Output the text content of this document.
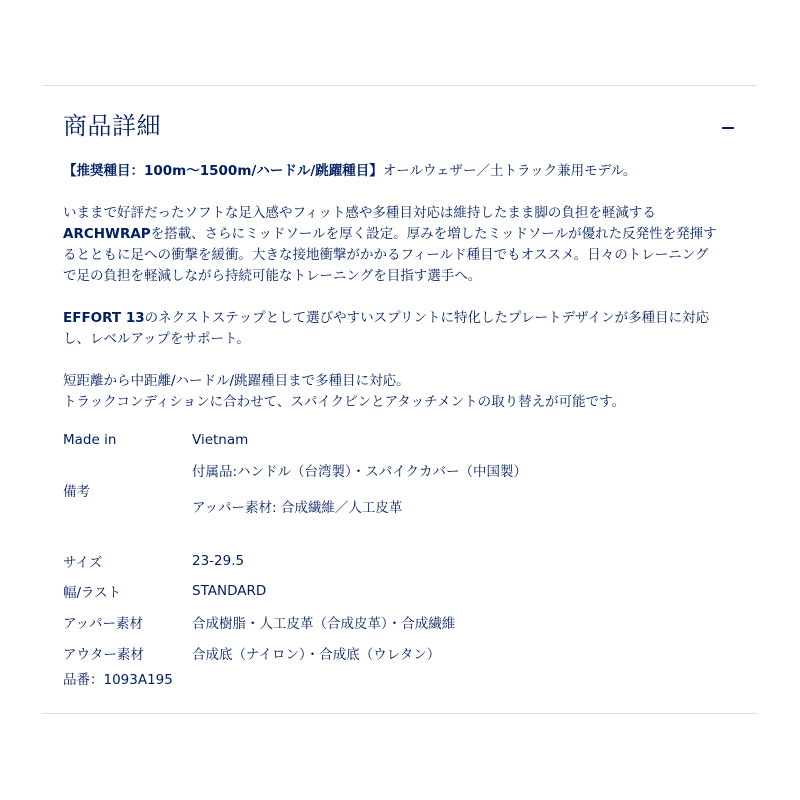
商品詳細

【推奨種目：100m〜1500m/ハードル/跳躍種目】オールウェザー／土トラック兼用モデル。

いままで好評だったソフトな足入感やフィット感や多種目対応は維持したまま脚の負担を軽減する
ARCHWRAPを搭載、さらにミッドソールを厚く設定。厚みを増したミッドソールが優れた反発性を発揮す
るとともに足への衝撃を緩衝。大きな接地衝撃がかかるフィールド種目でもオススメ。日々のトレーニング
で足の負担を軽減しながら持続可能なトレーニングを目指す選手へ。

EFFORT 13のネクストステップとして選びやすいスプリントに特化したプレートデザインが多種目に対応
し、レベルアップをサポート。

短距離から中距離/ハードル/跳躍種目まで多種目に対応。
トラックコンディションに合わせて、スパイクピンとアタッチメントの取り替えが可能です。

Made in	Vietnam
備考	付属品:ハンドル（台湾製）・スパイクカバー（中国製）
アッパー素材: 合成繊維／人工皮革

サイズ	23-29.5
幅/ラスト	STANDARD
アッパー素材	合成樹脂・人工皮革（合成皮革）・合成繊維
アウター素材	合成底（ナイロン）・合成底（ウレタン）
品番：1093A195
